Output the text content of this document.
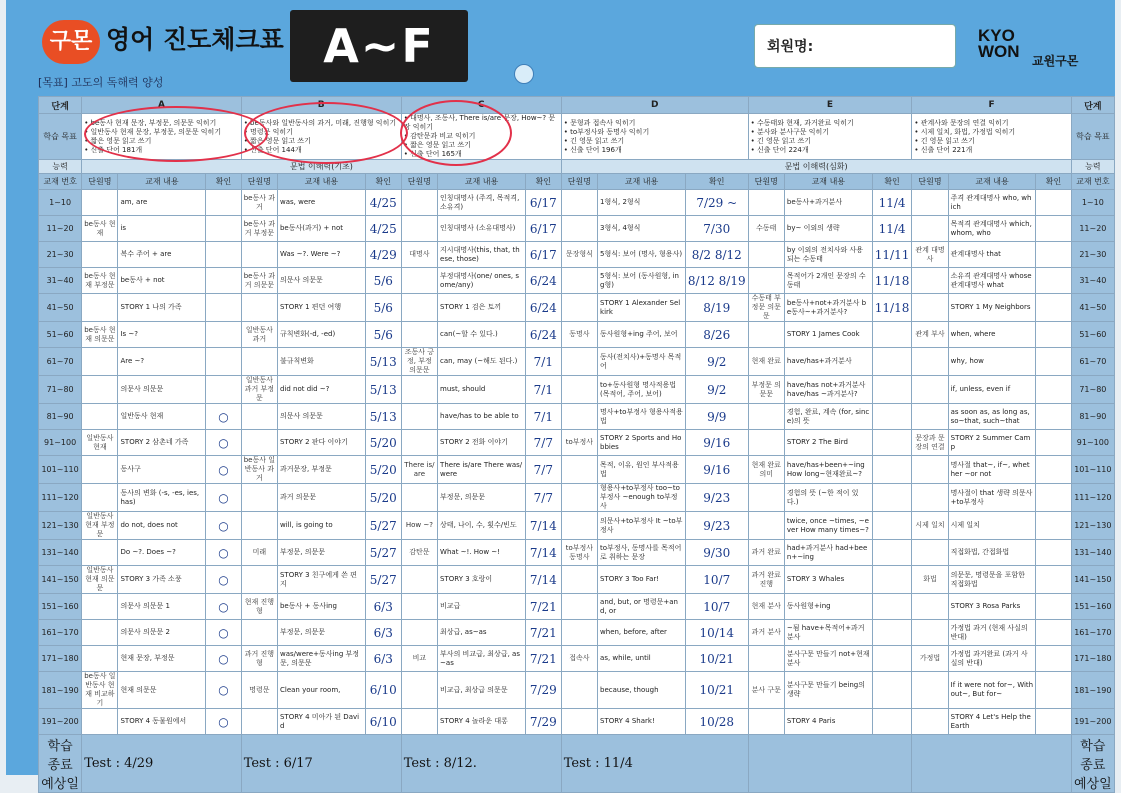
구몬 영어 진도체크표 A~F
[목표] 고도의 독해력 양성
회원명:
KYO
WON 교원구몬
단계	A			B			C			D			E			F			단계
학습 목표	• be동사 현재 문장, 부정문, 의문문 익히기
• 일반동사 현재 문장, 부정문, 의문문 익히기
• 짧은 영문 읽고 쓰기
• 신출 단어 181개			• be동사와 일반동사의 과거, 미래, 진행형 익히기
• 명령문 익히기
• 짧은 영문 읽고 쓰기
• 신출 단어 144개			• 대명사, 조동사, There is/are 문장, How~? 문장 익히기
• 감탄문과 비교 익히기
• 짧은 영문 읽고 쓰기
• 신출 단어 165개			• 문형과 접속사 익히기
• to부정사와 동명사 익히기
• 긴 영문 읽고 쓰기
• 신출 단어 196개			• 수동태와 현재, 과거완료 익히기
• 분사와 분사구문 익히기
• 긴 영문 읽고 쓰기
• 신출 단어 224개			• 관계사와 문장의 연결 익히기
• 시제 일치, 화법, 가정법 익히기
• 긴 영문 읽고 쓰기
• 신출 단어 221개			학습 목표
능력	문법 이해력(기초)									문법 이해력(심화)									능력
교재 번호	단원명	교재 내용	확인	단원명	교재 내용	확인	단원명	교재 내용	확인	단원명	교재 내용	확인	단원명	교재 내용	확인	단원명	교재 내용	확인	교재 번호
1~10		am, are		be동사 과거	was, were	4/25		인칭대명사 (주격, 목적격, 소유격)	6/17		1형식, 2형식	7/29 ~		be동사+과거분사	11/4		주격 관계대명사 who, which		1~10
11~20	be동사 현재	is		be동사 과거 부정문	be동사(과거) + not	4/25		인칭대명사 (소유대명사)	6/17		3형식, 4형식	7/30	수동태	by~ 이외의 생략	11/4		목적격 관계대명사 which, whom, who		11~20
21~30		복수 주어 + are			Was ~?. Were ~?	4/29	대명사	지시대명사(this, that, these, those)	6/17	문장형식	5형식: 보어 (명사, 형용사)	8/2 8/12		by 이외의 전치사와 사용되는 수동태	11/11	관계 대명사	관계대명사 that		21~30
31~40	be동사 현재 부정문	be동사 + not		be동사 과거 의문문	의문사 의문문	5/6		부정대명사(one/ ones, some/any)	6/24		5형식: 보어 (동사원형, ing형)	8/12 8/19		목적어가 2개인 문장의 수동태	11/18		소유격 관계대명사 whose 관계대명사 what		31~40
41~50		STORY 1 나의 가족			STORY 1 편던 여행	5/6		STORY 1 검은 토끼	6/24		STORY 1 Alexander Selkirk	8/19	수동태 부정문 의문문	be동사+not+과거분사 be동사~+과거분사?	11/18		STORY 1 My Neighbors		41~50
51~60	be동사 현재 의문문	Is ~?		일반동사 과거	규칙변화(-d, -ed)	5/6		can(~할 수 있다.)	6/24	동명사	동사원형+ing 주어, 보어	8/26		STORY 1 James Cook		관계 부사	when, where		51~60
61~70		Are ~?			불규칙변화	5/13	조동사 긍정, 부정 의문문	can, may (~해도 된다.)	7/1		동사(전치사)+동명사 목적어	9/2	현재 완료	have/has+과거분사			why, how		61~70
71~80		의문사 의문문		일반동사 과거 부정문	did not did ~?	5/13		must, should	7/1		to+동사원형 명사적용법 (목적어, 주어, 보어)	9/2	부정문 의문문	have/has not+과거분사 have/has ~과거분사?			if, unless, even if		71~80
81~90		일반동사 현재	○		의문사 의문문	5/13		have/has to be able to	7/1		명사+to부정사 형용사적용법	9/9		경험, 완료, 계속 (for, since)의 뜻			as soon as, as long as, so~that, such~that		81~90
91~100	일반동사 현재	STORY 2 삼촌네 가족	○		STORY 2 판다 이야기	5/20		STORY 2 전화 이야기	7/7	to부정사	STORY 2 Sports and Hobbies	9/16		STORY 2 The Bird		문장과 문장의 연결	STORY 2 Summer Camp		91~100
101~110		동사구	○	be동사 일반동사 과거	과거문장, 부정문	5/20	There is/are	There is/are There was/were	7/7		목적, 이유, 원인 부사적용법	9/16	현재 완료 의미	have/has+been+~ing How long~현재완료~?			명사절 that~, if~, whether ~or not		101~110
111~120		동사의 변화 (-s, -es, ies, has)	○		과거 의문문	5/20		부정문, 의문문	7/7		형용사+to부정사 too~to부정사 ~enough to부정사	9/23		경험의 뜻 (~한 적이 있다.)			명사절이 that 생략 의문사+to부정사		111~120
121~130	일반동사 현재 부정문	do not, does not	○		will, is going to	5/27	How ~?	상태, 나이, 수, 횟수/빈도	7/14		의문사+to부정사 It ~to부정사	9/23		twice, once ~times, ~ever How many times~?		시제 일치	시제 일치		121~130
131~140		Do ~?. Does ~?	○	미래	부정문, 의문문	5/27	감탄문	What ~!. How ~!	7/14	to부정사 동명사	to부정사, 동명사를 목적어로 취하는 문장	9/30	과거 완료	had+과거분사 had+been+~ing			직접화법, 간접화법		131~140
141~150	일반동사 현재 의문문	STORY 3 가족 소풍	○		STORY 3 친구에게 쓴 편지	5/27		STORY 3 호랑이	7/14		STORY 3 Too Far!	10/7	과거 완료 진행	STORY 3 Whales		화법	의문문, 명령문을 포함한 직접화법		141~150
151~160		의문사 의문문 1	○	현재 진행형	be동사 + 동사ing	6/3		비교급	7/21		and, but, or 명령문+and, or	10/7	현재 분사	동사원형+ing			STORY 3 Rosa Parks		151~160
161~170		의문사 의문문 2	○		부정문, 의문문	6/3		최상급, as~as	7/21		when, before, after	10/14	과거 분사	~됨 have+목적어+과거분사			가정법 과거 (현재 사실의 반대)		161~170
171~180		현재 문장, 부정문	○	과거 진행형	was/were+동사ing 부정문, 의문문	6/3	비교	부사의 비교급, 최상급, as~as	7/21	접속사	as, while, until	10/21		분사구문 만들기 not+현재분사		가정법	가정법 과거완료 (과거 사실의 반대)		171~180
181~190	be동사 일반동사 현재 비교하기	현재 의문문	○	명령문	Clean your room,	6/10		비교급, 최상급 의문문	7/29		because, though	10/21	분사 구문	분사구문 만들기 being의 생략			If it were not for~, Without~, But for~		181~190
191~200		STORY 4 동물원에서	○		STORY 4 미아가 된 David	6/10		STORY 4 놀라운 대롱	7/29		STORY 4 Shark!	10/28		STORY 4 Paris			STORY 4 Let's Help the Earth		191~200
학습 종료 예상일	Test : 4/29			Test : 6/17			Test : 8/12.			Test : 11/4									학습 종료 예상일
